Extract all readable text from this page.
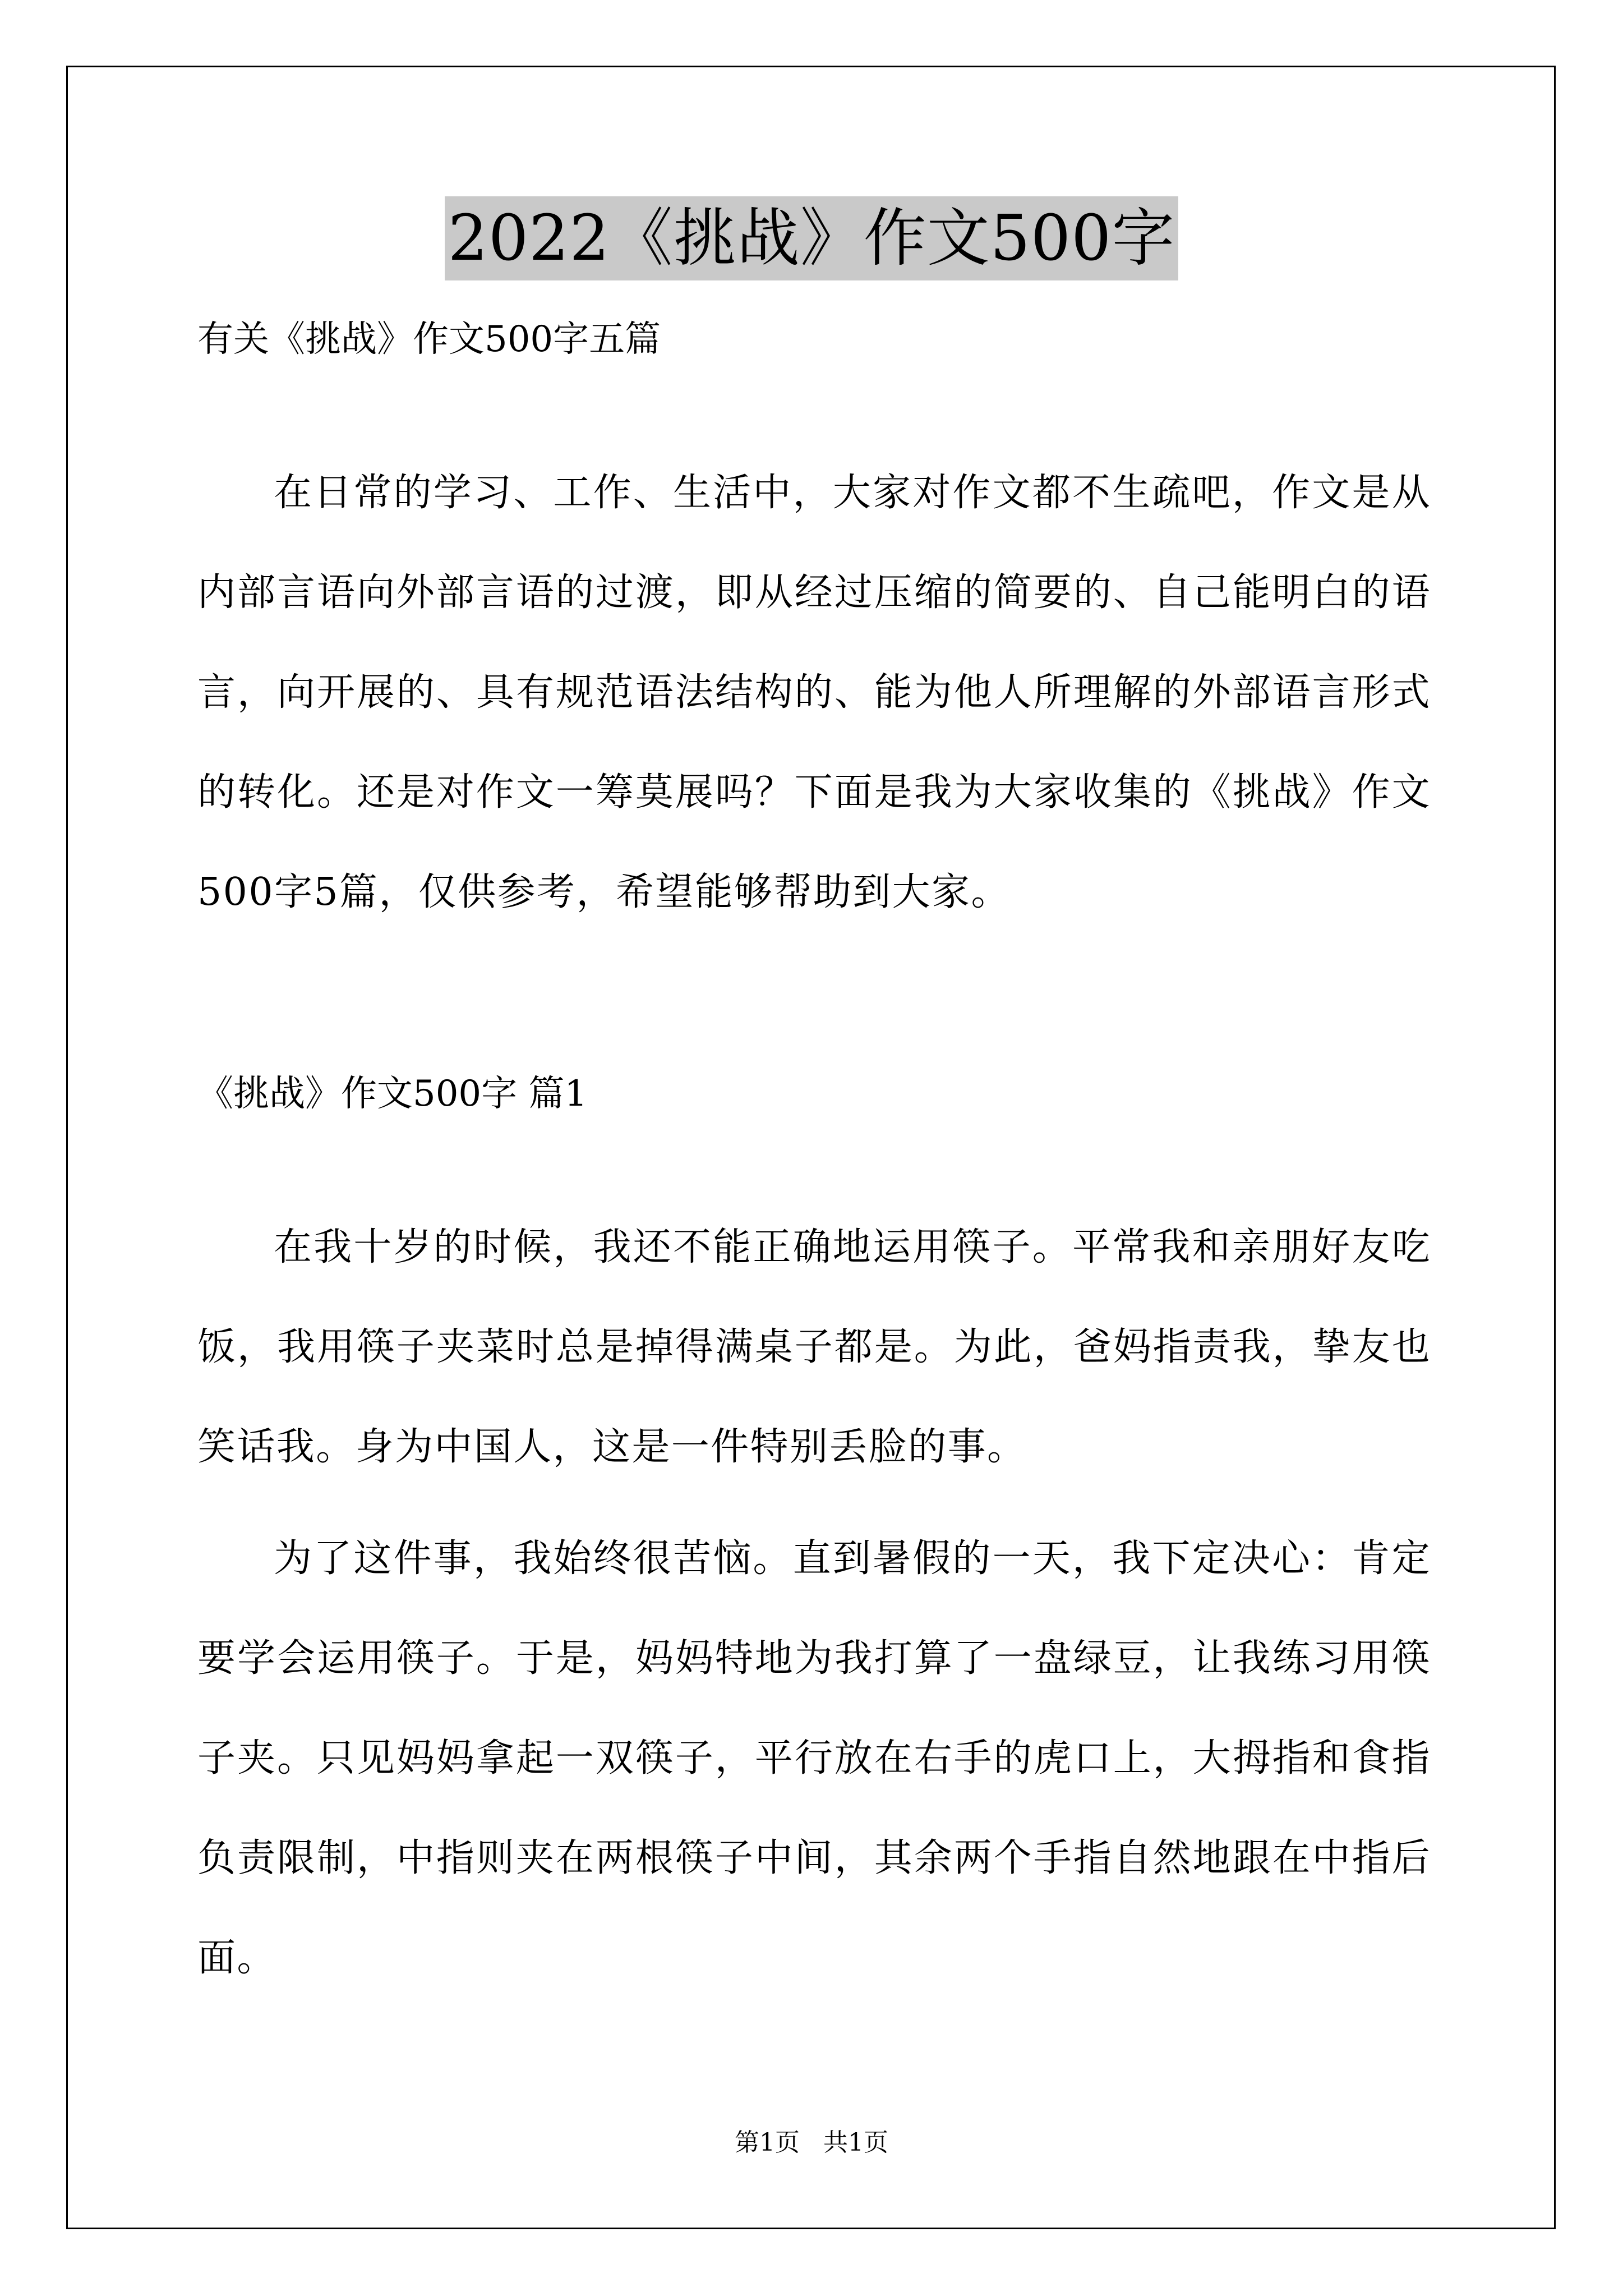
2022《挑战》作文500字
有关《挑战》作文500字五篇

在日常的学习、工作、生活中，大家对作文都不生疏吧，作文是从内部言语向外部言语的过渡，即从经过压缩的简要的、自己能明白的语言，向开展的、具有规范语法结构的、能为他人所理解的外部语言形式的转化。还是对作文一筹莫展吗？下面是我为大家收集的《挑战》作文500字5篇，仅供参考，希望能够帮助到大家。

《挑战》作文500字 篇1

在我十岁的时候，我还不能正确地运用筷子。平常我和亲朋好友吃饭，我用筷子夹菜时总是掉得满桌子都是。为此，爸妈指责我，挚友也笑话我。身为中国人，这是一件特别丢脸的事。

为了这件事，我始终很苦恼。直到暑假的一天，我下定决心：肯定要学会运用筷子。于是，妈妈特地为我打算了一盘绿豆，让我练习用筷子夹。只见妈妈拿起一双筷子，平行放在右手的虎口上，大拇指和食指负责限制，中指则夹在两根筷子中间，其余两个手指自然地跟在中指后面。

第1页   共1页
